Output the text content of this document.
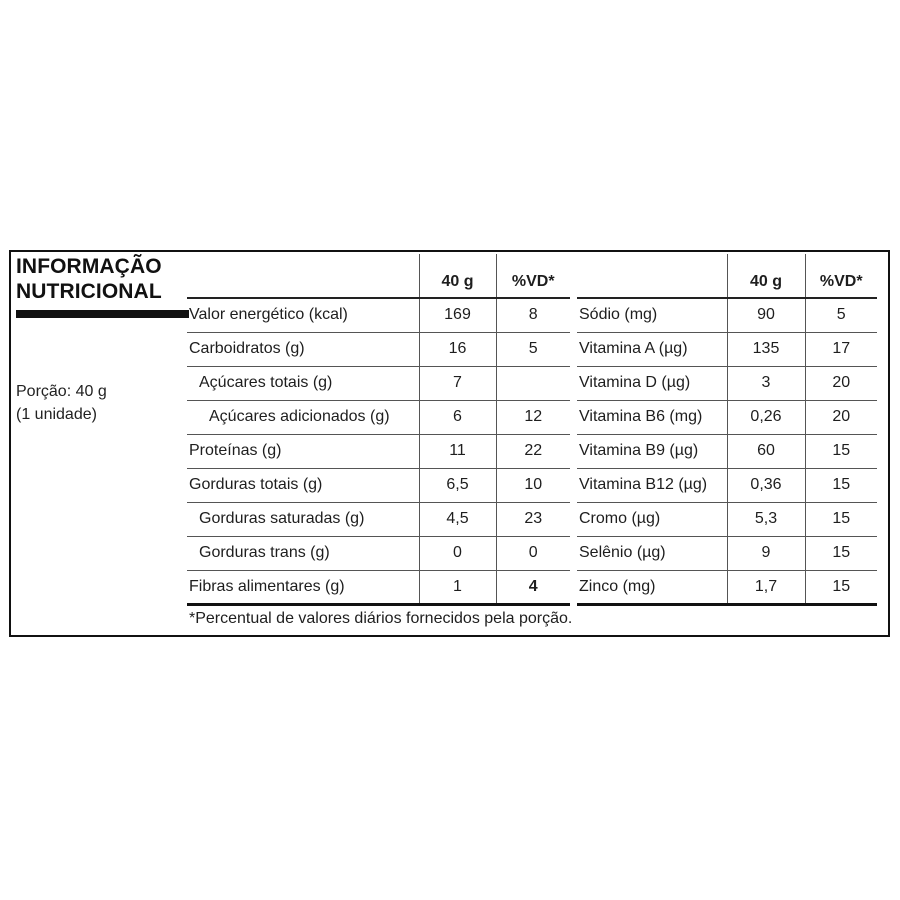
INFORMAÇÃO
NUTRICIONAL
Porção: 40 g
(1 unidade)
	40 g	%VD*
Valor energético (kcal)	169	8
Carboidratos (g)	16	5
Açúcares totais (g)	7	
Açúcares adicionados (g)	6	12
Proteínas (g)	11	22
Gorduras totais (g)	6,5	10
Gorduras saturadas (g)	4,5	23
Gorduras trans (g)	0	0
Fibras alimentares (g)	1	4
	40 g	%VD*
Sódio (mg)	90	5
Vitamina A (µg)	135	17
Vitamina D (µg)	3	20
Vitamina B6 (mg)	0,26	20
Vitamina B9 (µg)	60	15
Vitamina B12 (µg)	0,36	15
Cromo (µg)	5,3	15
Selênio (µg)	9	15
Zinco (mg)	1,7	15
*Percentual de valores diários fornecidos pela porção.
